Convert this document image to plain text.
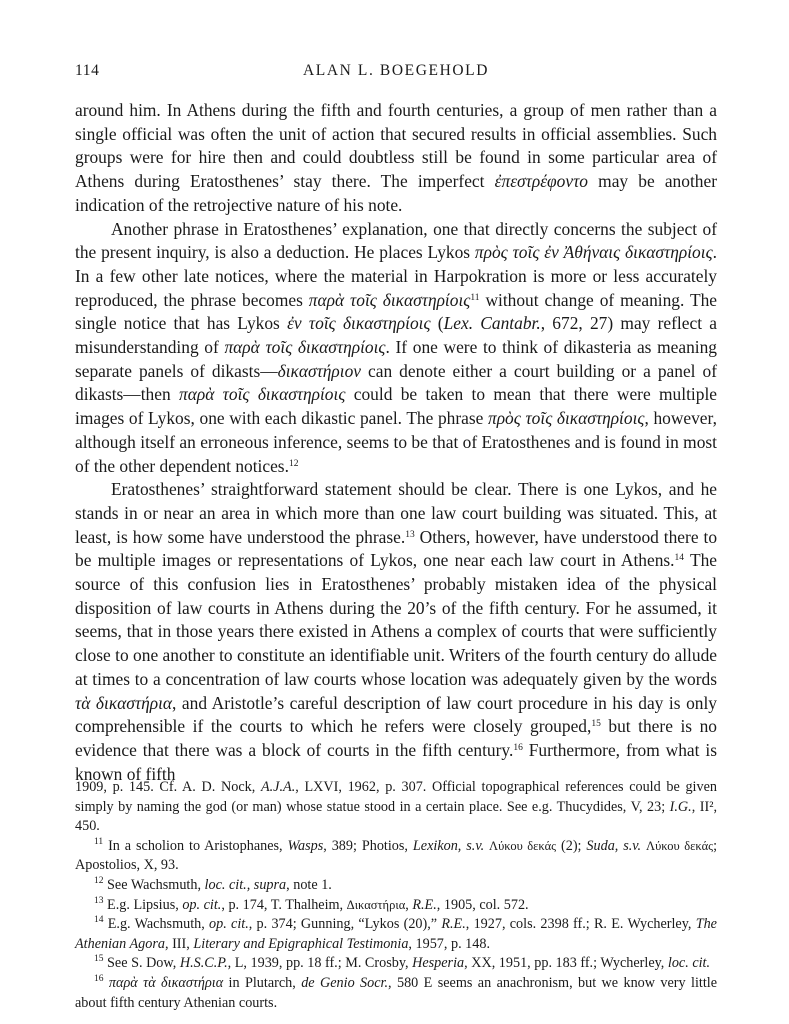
114	ALAN L. BOEGEHOLD

around him. In Athens during the fifth and fourth centuries, a group of men rather than a single official was often the unit of action that secured results in official assemblies. Such groups were for hire then and could doubtless still be found in some particular area of Athens during Eratosthenes’ stay there. The imperfect ἐπεστρέφοντο may be another indication of the retrojective nature of his note.

Another phrase in Eratosthenes’ explanation, one that directly concerns the subject of the present inquiry, is also a deduction. He places Lykos πρὸς τοῖς ἐν Ἀθήναις δικαστηρίοις. In a few other late notices, where the material in Harpokration is more or less accurately reproduced, the phrase becomes παρὰ τοῖς δικαστηρίοις$^{11}$ without change of meaning. The single notice that has Lykos ἐν τοῖς δικαστηρίοις (Lex. Cantabr., 672, 27) may reflect a misunderstanding of παρὰ τοῖς δικαστηρίοις. If one were to think of dikasteria as meaning separate panels of dikasts—δικαστήριον can denote either a court building or a panel of dikasts—then παρὰ τοῖς δικαστηρίοις could be taken to mean that there were multiple images of Lykos, one with each dikastic panel. The phrase πρὸς τοῖς δικαστηρίοις, however, although itself an erroneous inference, seems to be that of Eratosthenes and is found in most of the other dependent notices.$^{12}$

Eratosthenes’ straightforward statement should be clear. There is one Lykos, and he stands in or near an area in which more than one law court building was situated. This, at least, is how some have understood the phrase.$^{13}$ Others, however, have understood there to be multiple images or representations of Lykos, one near each law court in Athens.$^{14}$ The source of this confusion lies in Eratosthenes’ probably mistaken idea of the physical disposition of law courts in Athens during the 20’s of the fifth century. For he assumed, it seems, that in those years there existed in Athens a complex of courts that were sufficiently close to one another to constitute an identifiable unit. Writers of the fourth century do allude at times to a concentration of law courts whose location was adequately given by the words τὰ δικαστήρια, and Aristotle’s careful description of law court procedure in his day is only comprehensible if the courts to which he refers were closely grouped,$^{15}$ but there is no evidence that there was a block of courts in the fifth century.$^{16}$ Furthermore, from what is known of fifth

1909, p. 145. Cf. A. D. Nock, A.J.A., LXVI, 1962, p. 307. Official topographical references could be given simply by naming the god (or man) whose statue stood in a certain place. See e.g. Thucydides, V, 23; I.G., II², 450.

$^{11}$ In a scholion to Aristophanes, Wasps, 389; Photios, Lexikon, s.v. Λύκου δεκάς (2); Suda, s.v. Λύκου δεκάς; Apostolios, X, 93.

$^{12}$ See Wachsmuth, loc. cit., supra, note 1.

$^{13}$ E.g. Lipsius, op. cit., p. 174, T. Thalheim, Δικαστήρια, R.E., 1905, col. 572.

$^{14}$ E.g. Wachsmuth, op. cit., p. 374; Gunning, “Lykos (20),” R.E., 1927, cols. 2398 ff.; R. E. Wycherley, The Athenian Agora, III, Literary and Epigraphical Testimonia, 1957, p. 148.

$^{15}$ See S. Dow, H.S.C.P., L, 1939, pp. 18 ff.; M. Crosby, Hesperia, XX, 1951, pp. 183 ff.; Wycherley, loc. cit.

$^{16}$ παρὰ τὰ δικαστήρια in Plutarch, de Genio Socr., 580 E seems an anachronism, but we know very little about fifth century Athenian courts.
